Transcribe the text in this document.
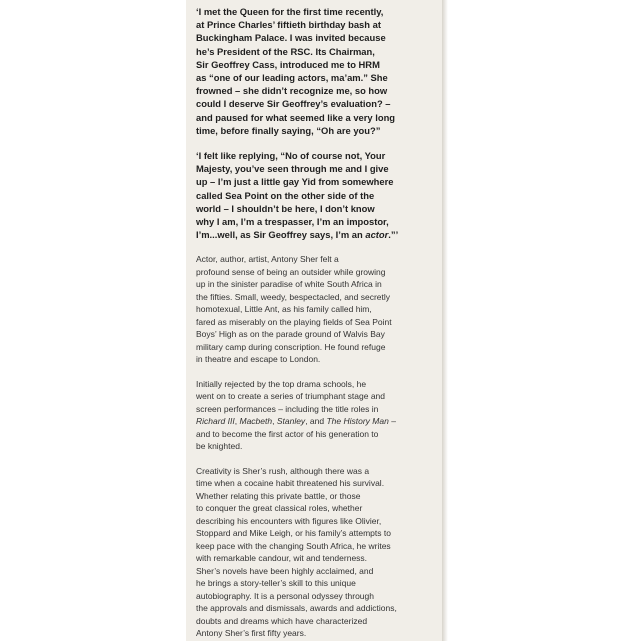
‘I met the Queen for the first time recently,
at Prince Charles’ fiftieth birthday bash at
Buckingham Palace. I was invited because
he’s President of the RSC. Its Chairman,
Sir Geoffrey Cass, introduced me to HRM
as “one of our leading actors, ma’am.” She
frowned – she didn’t recognize me, so how
could I deserve Sir Geoffrey’s evaluation? –
and paused for what seemed like a very long
time, before finally saying, “Oh are you?”
‘I felt like replying, “No of course not, Your
Majesty, you’ve seen through me and I give
up – I’m just a little gay Yid from somewhere
called Sea Point on the other side of the
world – I shouldn’t be here, I don’t know
why I am, I’m a trespasser, I’m an impostor,
I’m...well, as Sir Geoffrey says, I’m an actor.”’
Actor, author, artist, Antony Sher felt a
profound sense of being an outsider while growing
up in the sinister paradise of white South Africa in
the fifties. Small, weedy, bespectacled, and secretly
homotexual, Little Ant, as his family called him,
fared as miserably on the playing fields of Sea Point
Boys’ High as on the parade ground of Walvis Bay
military camp during conscription. He found refuge
in theatre and escape to London.
Initially rejected by the top drama schools, he
went on to create a series of triumphant stage and
screen performances – including the title roles in
Richard III, Macbeth, Stanley, and The History Man –
and to become the first actor of his generation to
be knighted.
Creativity is Sher’s rush, although there was a
time when a cocaine habit threatened his survival.
Whether relating this private battle, or those
to conquer the great classical roles, whether
describing his encounters with figures like Olivier,
Stoppard and Mike Leigh, or his family’s attempts to
keep pace with the changing South Africa, he writes
with remarkable candour, wit and tenderness.
Sher’s novels have been highly acclaimed, and
he brings a story-teller’s skill to this unique
autobiography. It is a personal odyssey through
the approvals and dismissals, awards and addictions,
doubts and dreams which have characterized
Antony Sher’s first fifty years.
